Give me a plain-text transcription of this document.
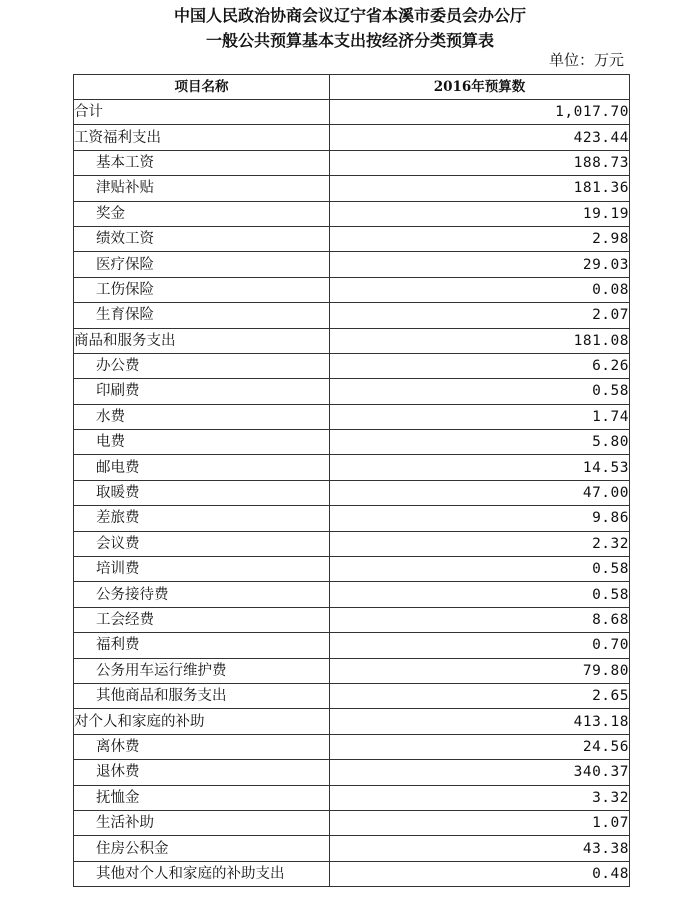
中国人民政治协商会议辽宁省本溪市委员会办公厅
一般公共预算基本支出按经济分类预算表
单位：万元
项目名称	2016年预算数
合计	1,017.70
工资福利支出	423.44
基本工资	188.73
津贴补贴	181.36
奖金	19.19
绩效工资	2.98
医疗保险	29.03
工伤保险	0.08
生育保险	2.07
商品和服务支出	181.08
办公费	6.26
印刷费	0.58
水费	1.74
电费	5.80
邮电费	14.53
取暖费	47.00
差旅费	9.86
会议费	2.32
培训费	0.58
公务接待费	0.58
工会经费	8.68
福利费	0.70
公务用车运行维护费	79.80
其他商品和服务支出	2.65
对个人和家庭的补助	413.18
离休费	24.56
退休费	340.37
抚恤金	3.32
生活补助	1.07
住房公积金	43.38
其他对个人和家庭的补助支出	0.48
